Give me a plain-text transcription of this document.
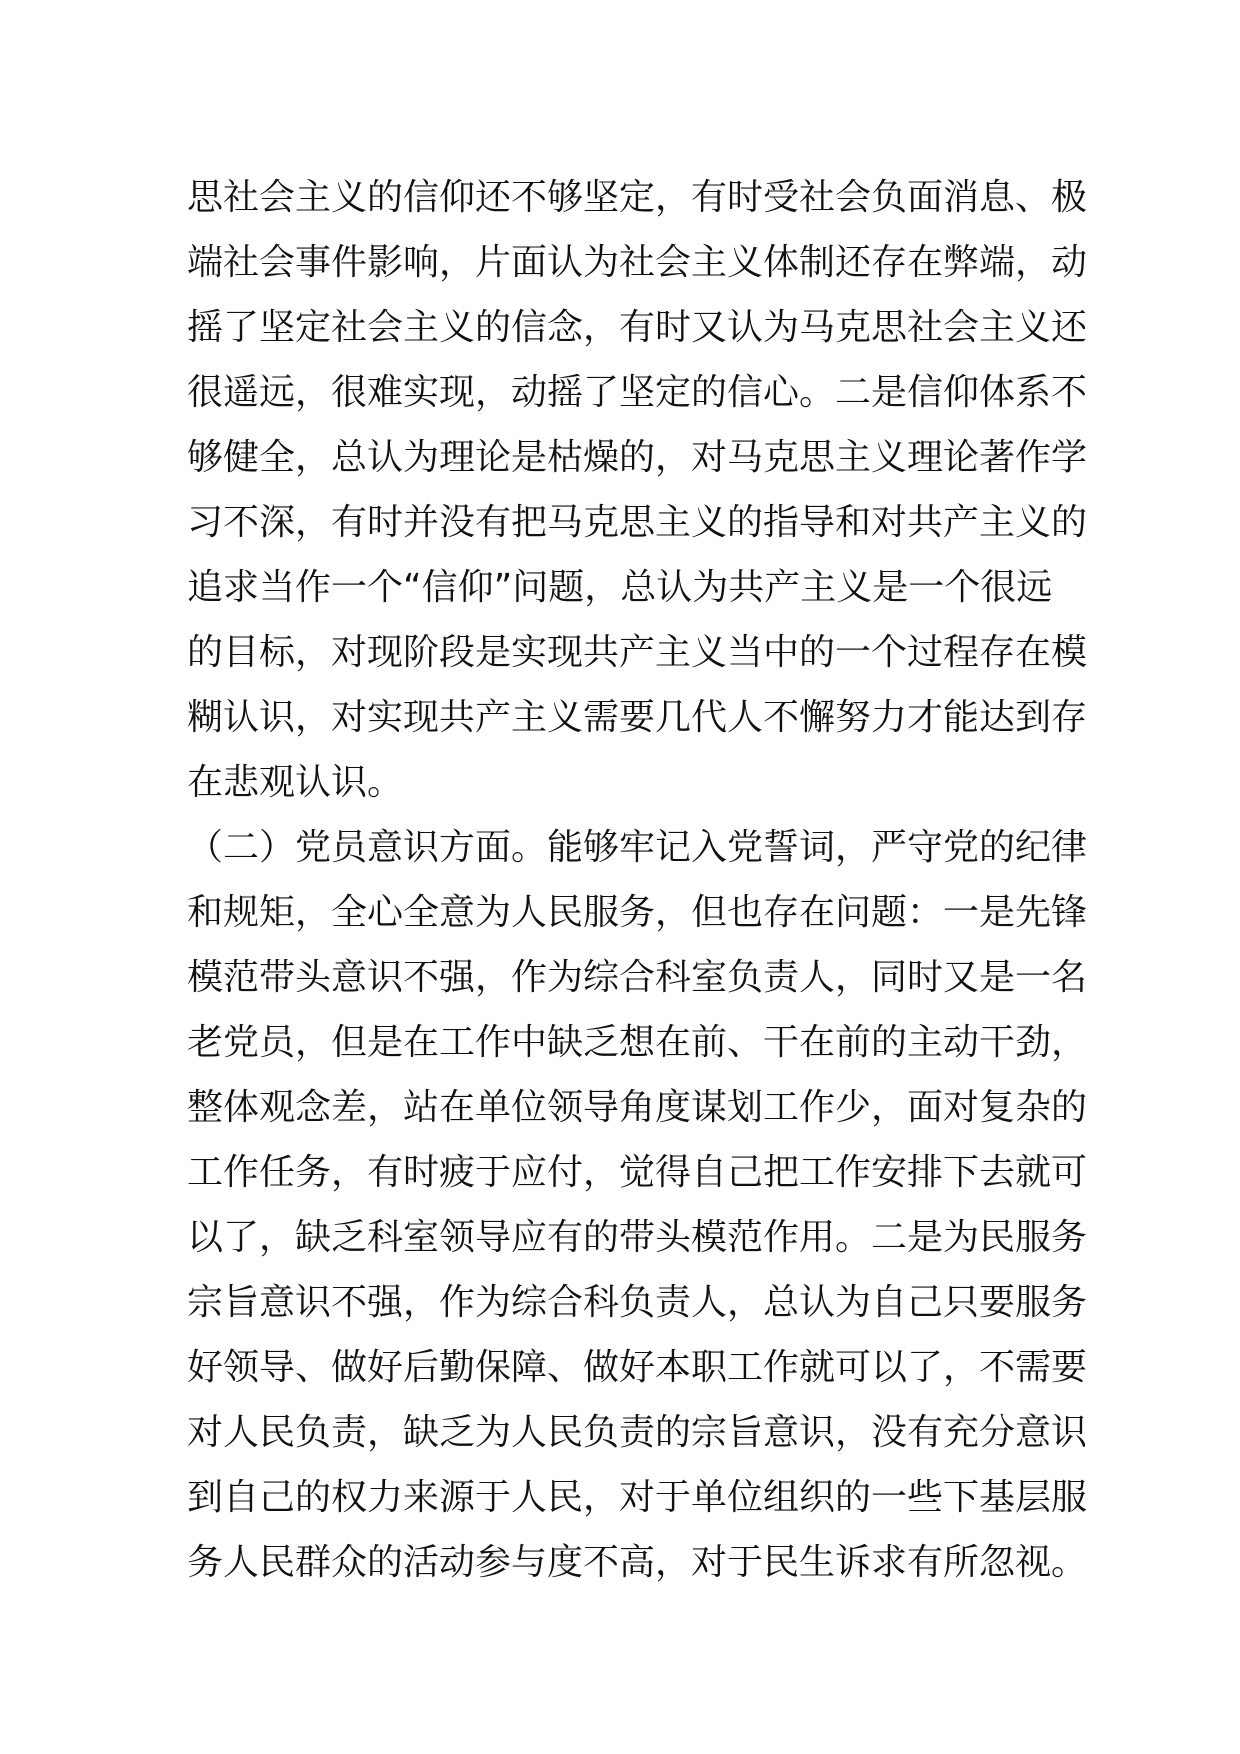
思社会主义的信仰还不够坚定，有时受社会负面消息、极
端社会事件影响，片面认为社会主义体制还存在弊端，动
摇了坚定社会主义的信念，有时又认为马克思社会主义还
很遥远，很难实现，动摇了坚定的信心。二是信仰体系不
够健全，总认为理论是枯燥的，对马克思主义理论著作学
习不深，有时并没有把马克思主义的指导和对共产主义的
追求当作一个“信仰”问题，总认为共产主义是一个很远
的目标，对现阶段是实现共产主义当中的一个过程存在模
糊认识，对实现共产主义需要几代人不懈努力才能达到存
在悲观认识。
（二）党员意识方面。能够牢记入党誓词，严守党的纪律
和规矩，全心全意为人民服务，但也存在问题：一是先锋
模范带头意识不强，作为综合科室负责人，同时又是一名
老党员，但是在工作中缺乏想在前、干在前的主动干劲，
整体观念差，站在单位领导角度谋划工作少，面对复杂的
工作任务，有时疲于应付，觉得自己把工作安排下去就可
以了，缺乏科室领导应有的带头模范作用。二是为民服务
宗旨意识不强，作为综合科负责人，总认为自己只要服务
好领导、做好后勤保障、做好本职工作就可以了，不需要
对人民负责，缺乏为人民负责的宗旨意识，没有充分意识
到自己的权力来源于人民，对于单位组织的一些下基层服
务人民群众的活动参与度不高，对于民生诉求有所忽视。
